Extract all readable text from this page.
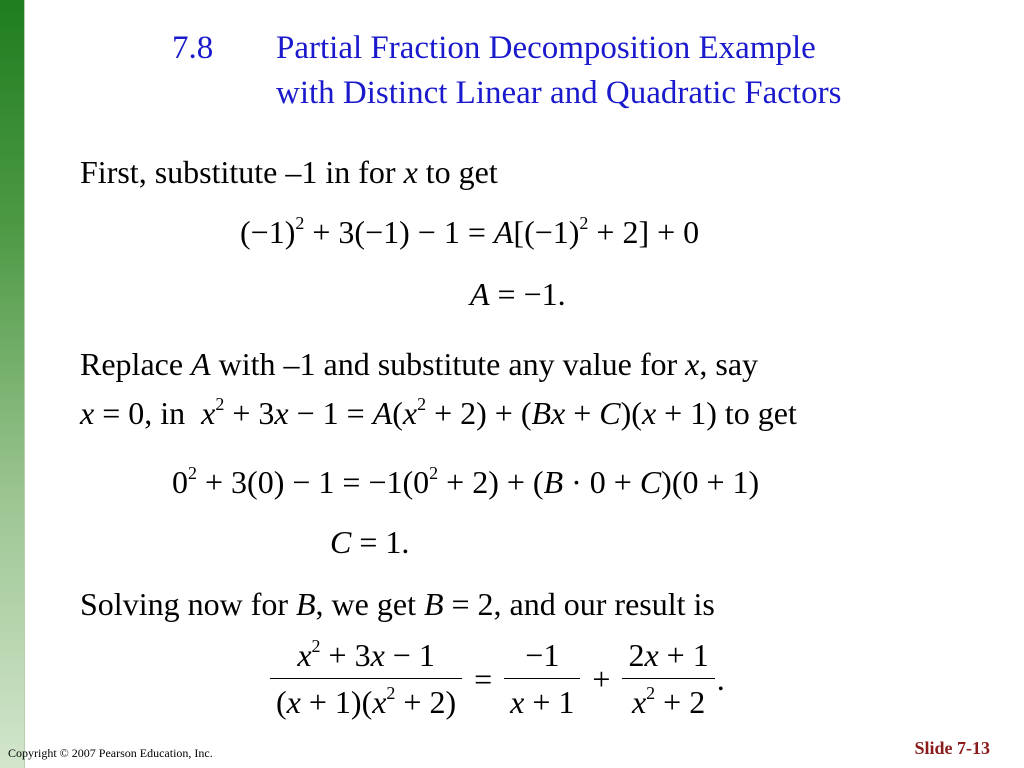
7.8 Partial Fraction Decomposition Example
with Distinct Linear and Quadratic Factors
First, substitute –1 in for x to get
$(-1)^2 + 3(-1) - 1 = A[(-1)^2 + 2] + 0$
A = −1.
Replace A with –1 and substitute any value for x, say
x = 0, in  $x^2 + 3x - 1 = A(x^2 + 2) + (Bx + C)(x + 1)$ to get
$0^2 + 3(0) - 1 = -1(0^2 + 2) + (B \cdot 0 + C)(0 + 1)$
C = 1.
Solving now for B, we get B = 2, and our result is
$\frac{x^2 + 3x - 1}{(x + 1)(x^2 + 2)} = \frac{-1}{x + 1} + \frac{2x + 1}{x^2 + 2}$ .
Copyright © 2007 Pearson Education, Inc.	Slide 7-13
